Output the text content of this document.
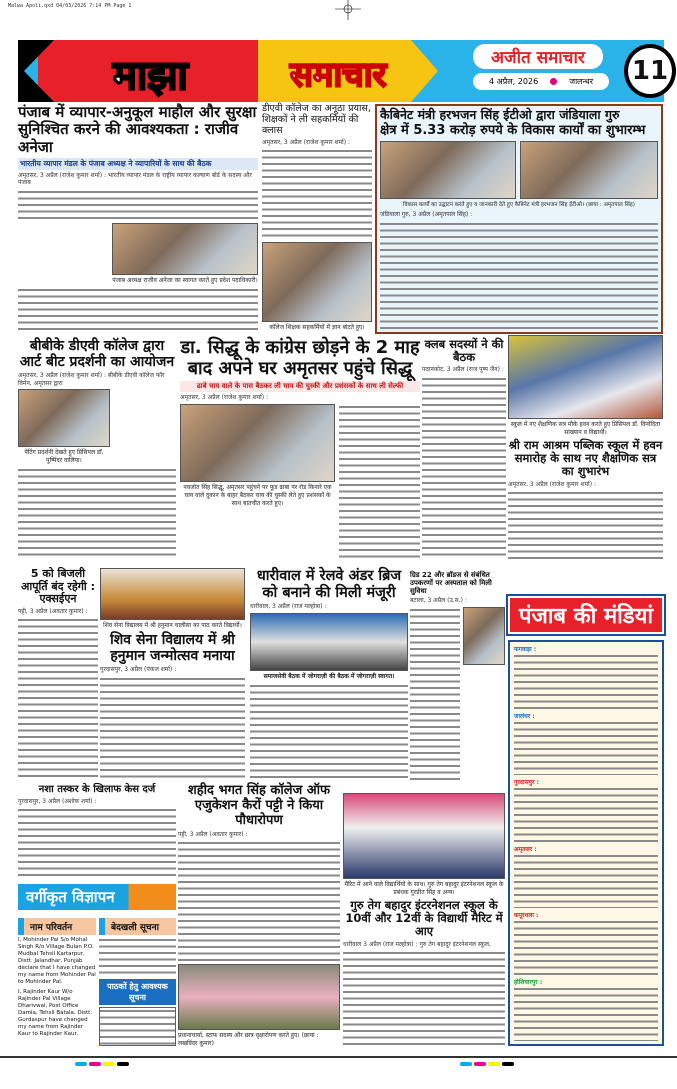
Malwa Apoli.qxd 04/03/2026 7:14 PM Page 1
माझा	समाचार	अजीत समाचार
4 अप्रैल, 2026	जालन्धर	11
पंजाब में व्यापार-अनुकूल माहौल और सुरक्षा
सुनिश्चित करने की आवश्यकता : राजीव अनेजा
भारतीय व्यापार मंडल के पंजाब अध्यक्ष ने व्यापारियों के साथ की बैठक
अमृतसर, 3 अप्रैल (राजेश कुमार शर्मा) : भारतीय व्यापार मंडल के राष्ट्रीय व्यापार कल्याण बोर्ड के सदस्य और पंजाब
पंजाब अध्यक्ष राजीव अनेजा का स्वागत करते हुए प्रदेश पदाधिकारी।
डीएवी कॉलेज का अनूठा प्रयास, शिक्षकों ने ली सहकर्मियों की क्लास
अमृतसर, 3 अप्रैल (राजेश कुमार शर्मा) :
कॉलेज शिक्षक सहकर्मियों में ज्ञान बांटते हुए।
कैबिनेट मंत्री हरभजन सिंह ईटीओ द्वारा जंडियाला गुरु
क्षेत्र में 5.33 करोड़ रुपये के विकास कार्यों का शुभारम्भ
विकास कार्यों का उद्घाटन करते हुए व जानकारी देते हुए कैबिनेट मंत्री हरभजन सिंह ईटीओ। (छाया : अमृतपाल सिंह)
जंडियाला गुरु, 3 अप्रैल (अमृतपाल सिंह) :
बीबीके डीएवी कॉलेज द्वारा आर्ट बीट प्रदर्शनी का आयोजन
अमृतसर, 3 अप्रैल (राजेश कुमार शर्मा) : बीबीके डीएवी कॉलेज फॉर विमेन, अमृतसर द्वारा
पेंटिंग प्रदर्शनी देखते हुए प्रिंसिपल डॉ. पुष्पिंदर वालिया।
डा. सिद्धू के कांग्रेस छोड़ने के 2 माह
बाद अपने घर अमृतसर पहुंचे सिद्धू
ढाबे चाय वाले के पास बैठकर ली चाय की चुस्की और प्रशंसकों के साथ ली सेल्फी
अमृतसर, 3 अप्रैल (राजेश कुमार शर्मा) :
नवजोत सिंह सिद्धू, अमृतसर पहुंचने पर फूड ढाबा पर रोड किनारे एक चाय वाले दुकान के बाहर बैठकर चाय की चुस्की लेते हुए प्रशंसकों के साथ बातचीत करते हुए।
क्लब सदस्यों ने की बैठक
पठानकोट, 3 अप्रैल (राज पुष्प जैन) :
स्कूल में नए शैक्षणिक सत्र मौके हवन करते हुए प्रिंसिपल डॉ. विनोदिता सांख्यान व विद्यार्थी।
श्री राम आश्रम पब्लिक स्कूल में हवन समारोह के साथ नए शैक्षणिक सत्र का शुभारंभ
अमृतसर, 3 अप्रैल (राजेश कुमार शर्मा) :
5 को बिजली आपूर्ति बंद रहेगी : एक्सईएन
पट्टी, 3 अप्रैल (अवतार कुमार) :
शिव सेना विद्यालय में श्री हनुमान चालीसा का पाठ करते विद्यार्थी।
शिव सेना विद्यालय में श्री हनुमान जन्मोत्सव मनाया
गुरदासपुर, 3 अप्रैल (पंकज शर्मा) :
धारीवाल में रेलवे अंडर ब्रिज को बनाने की मिली मंजूरी
धारीवाल, 3 अप्रैल (राज मल्होत्रा) :
समाजसेवी बैठक में जोगराज़ी की बैठक में जोगराज़ी स्वागत।
ग्रिड 22 और ब्रॉडज से संबंधित उपकरणों पर अस्पताल को मिली सुविधा
बटाला, 3 अप्रैल (उ.स.) :
पंजाब की मंडियां
फगवाड़ा :
जालंधर :
गुरदासपुर :
अमृतसर :
कपूरथला :
होशियारपुर :
नशा तस्कर के खिलाफ केस दर्ज
गुरदासपुर, 3 अप्रैल (अशोक शर्मा) :
वर्गीकृत विज्ञापन
नाम परिवर्तन

I, Mohinder Pal S/o Mohal Singh R/o Village Bulan P.O. Mudbal Tehsil Kartarpur, Distt. Jalandhar, Punjab declare that I have changed my name from Mohinder Pal to Mohinder Pal.

I, Rajinder Kaur W/o Rajinder Pal Village Dharivwal, Post Office Damla, Tehsil Batala, Distt. Gurdaspur have changed my name from Rajinder Kaur to Rajinder Kaur.

बेदखली सूचना
पाठकों हेतु आवश्यक सूचना
शहीद भगत सिंह कॉलेज ऑफ एजुकेशन कैरों पट्टी ने किया पौधारोपण
पट्टी, 3 अप्रैल (अवतार कुमार) :
प्रधानाचार्या, स्टाफ सदस्य और छात्र वृक्षारोपण करते हुए। (छाया : लखविंदर कुमार)
मैरिट में आने वाले विद्यार्थियों के साथ। गुरु तेग बहादुर इंटरनेशनल स्कूल के प्रबंधक गुरप्रीत सिंह व अन्य।
गुरु तेग बहादुर इंटरनेशनल स्कूल के 10वीं और 12वीं के विद्यार्थी मैरिट में आए
धारीवाल 3 अप्रैल (राज मल्होत्रा) : गुरु तेग बहादुर इंटरनेशनल स्कूल,
